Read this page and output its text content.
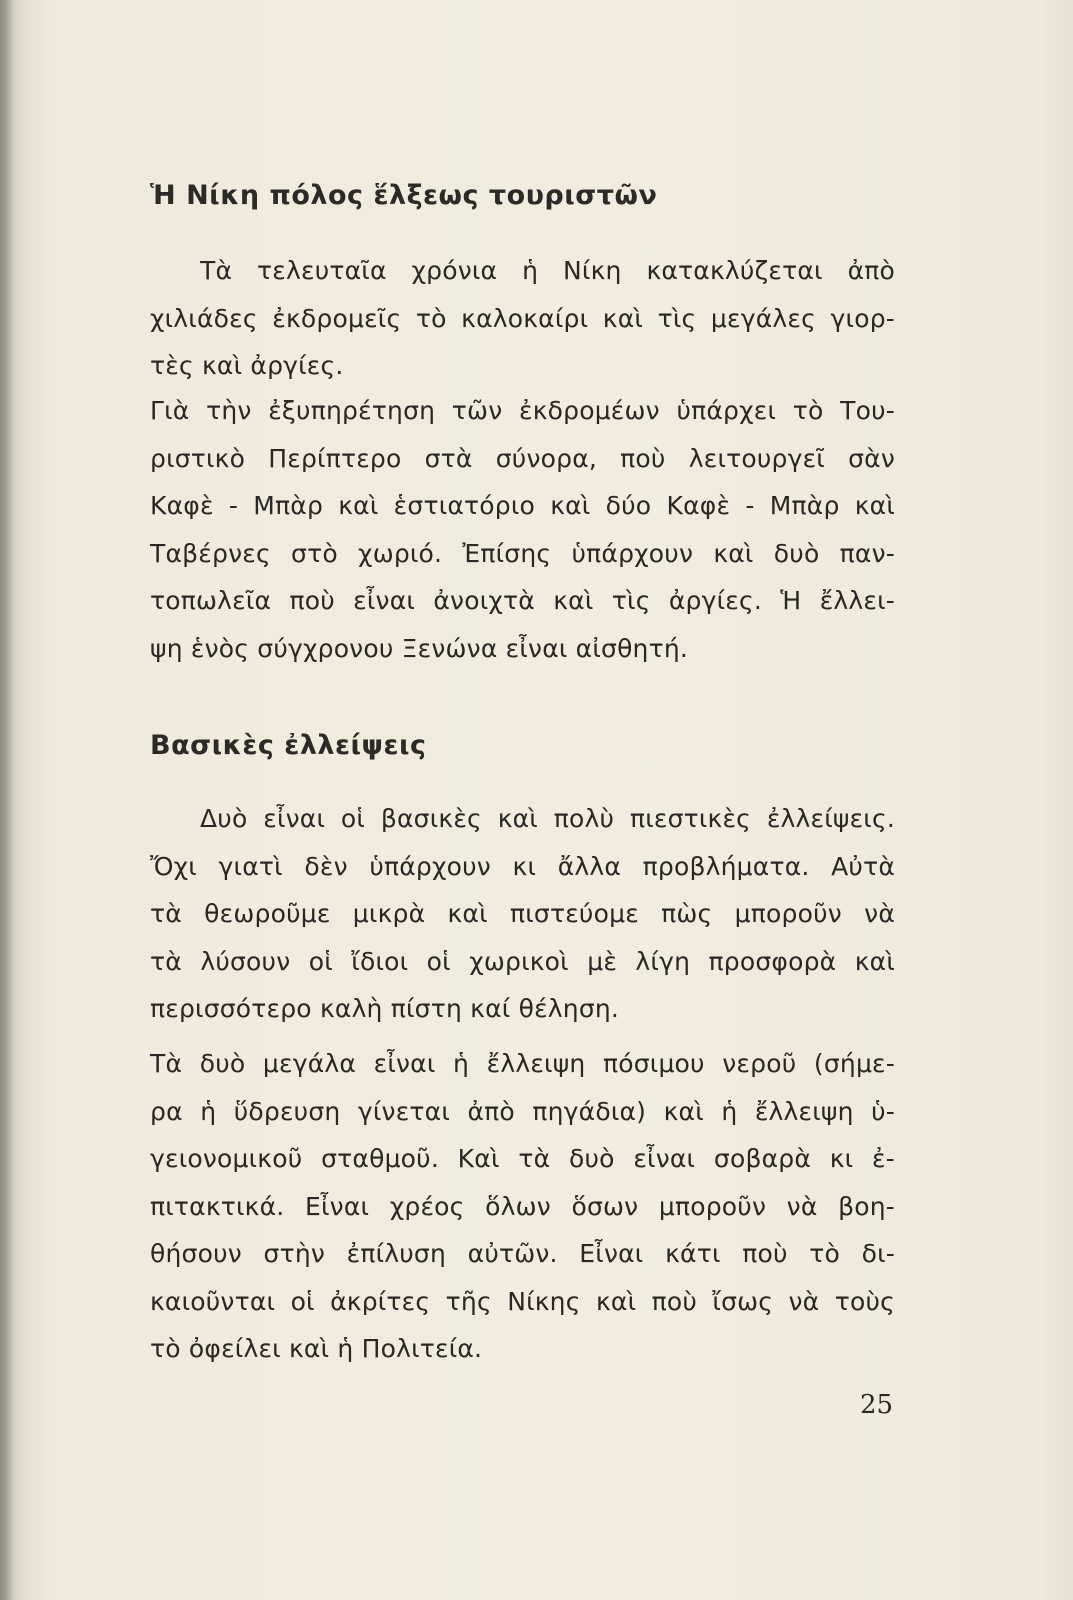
Ἡ Νίκη πόλος ἕλξεως τουριστῶν

Τὰ τελευταῖα χρόνια ἡ Νίκη κατακλύζεται ἀπὸ
χιλιάδες ἐκδρομεῖς τὸ καλοκαίρι καὶ τὶς μεγάλες γιορ-
τὲς καὶ ἀργίες.

Γιὰ τὴν ἐξυπηρέτηση τῶν ἐκδρομέων ὑπάρχει τὸ Του-
ριστικὸ Περίπτερο στὰ σύνορα, ποὺ λειτουργεῖ σὰν
Καφὲ - Μπὰρ καὶ ἑστιατόριο καὶ δύο Καφὲ - Μπὰρ καὶ
Ταβέρνες στὸ χωριό. Ἐπίσης ὑπάρχουν καὶ δυὸ παν-
τοπωλεῖα ποὺ εἶναι ἀνοιχτὰ καὶ τὶς ἀργίες. Ἡ ἔλλει-
ψη ἑνὸς σύγχρονου Ξενώνα εἶναι αἰσθητή.

Βασικὲς ἐλλείψεις

Δυὸ εἶναι οἱ βασικὲς καὶ πολὺ πιεστικὲς ἐλλείψεις.
Ὄχι γιατὶ δὲν ὑπάρχουν κι ἄλλα προβλήματα. Αὐτὰ
τὰ θεωροῦμε μικρὰ καὶ πιστεύομε πὼς μποροῦν νὰ
τὰ λύσουν οἱ ἴδιοι οἱ χωρικοὶ μὲ λίγη προσφορὰ καὶ
περισσότερο καλὴ πίστη καί θέληση.

Τὰ δυὸ μεγάλα εἶναι ἡ ἔλλειψη πόσιμου νεροῦ (σήμε-
ρα ἡ ὕδρευση γίνεται ἀπὸ πηγάδια) καὶ ἡ ἔλλειψη ὑ-
γειονομικοῦ σταθμοῦ. Καὶ τὰ δυὸ εἶναι σοβαρὰ κι ἐ-
πιτακτικά. Εἶναι χρέος ὅλων ὅσων μποροῦν νὰ βοη-
θήσουν στὴν ἐπίλυση αὐτῶν. Εἶναι κάτι ποὺ τὸ δι-
καιοῦνται οἱ ἀκρίτες τῆς Νίκης καὶ ποὺ ἴσως νὰ τοὺς
τὸ ὀφείλει καὶ ἡ Πολιτεία.

25
